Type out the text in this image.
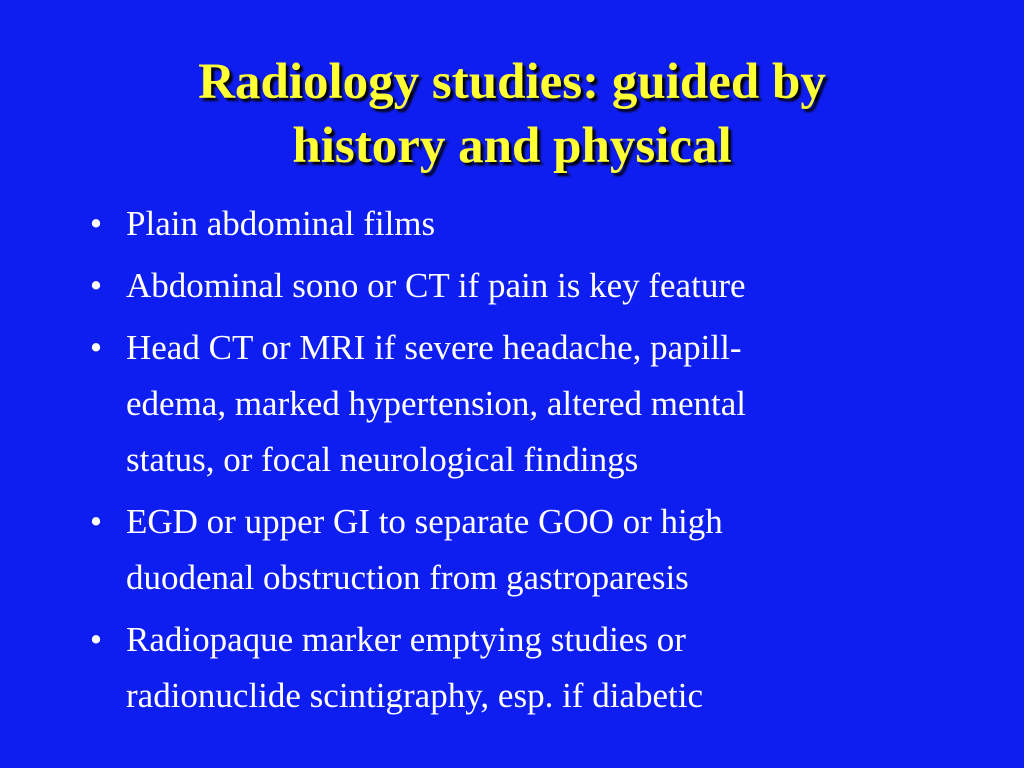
Radiology studies: guided by
history and physical
• Plain abdominal films
• Abdominal sono or CT if pain is key feature
• Head CT or MRI if severe headache, papill-
edema, marked hypertension, altered mental
status, or focal neurological findings
• EGD or upper GI to separate GOO or high
duodenal obstruction from gastroparesis
• Radiopaque marker emptying studies or
radionuclide scintigraphy, esp. if diabetic
